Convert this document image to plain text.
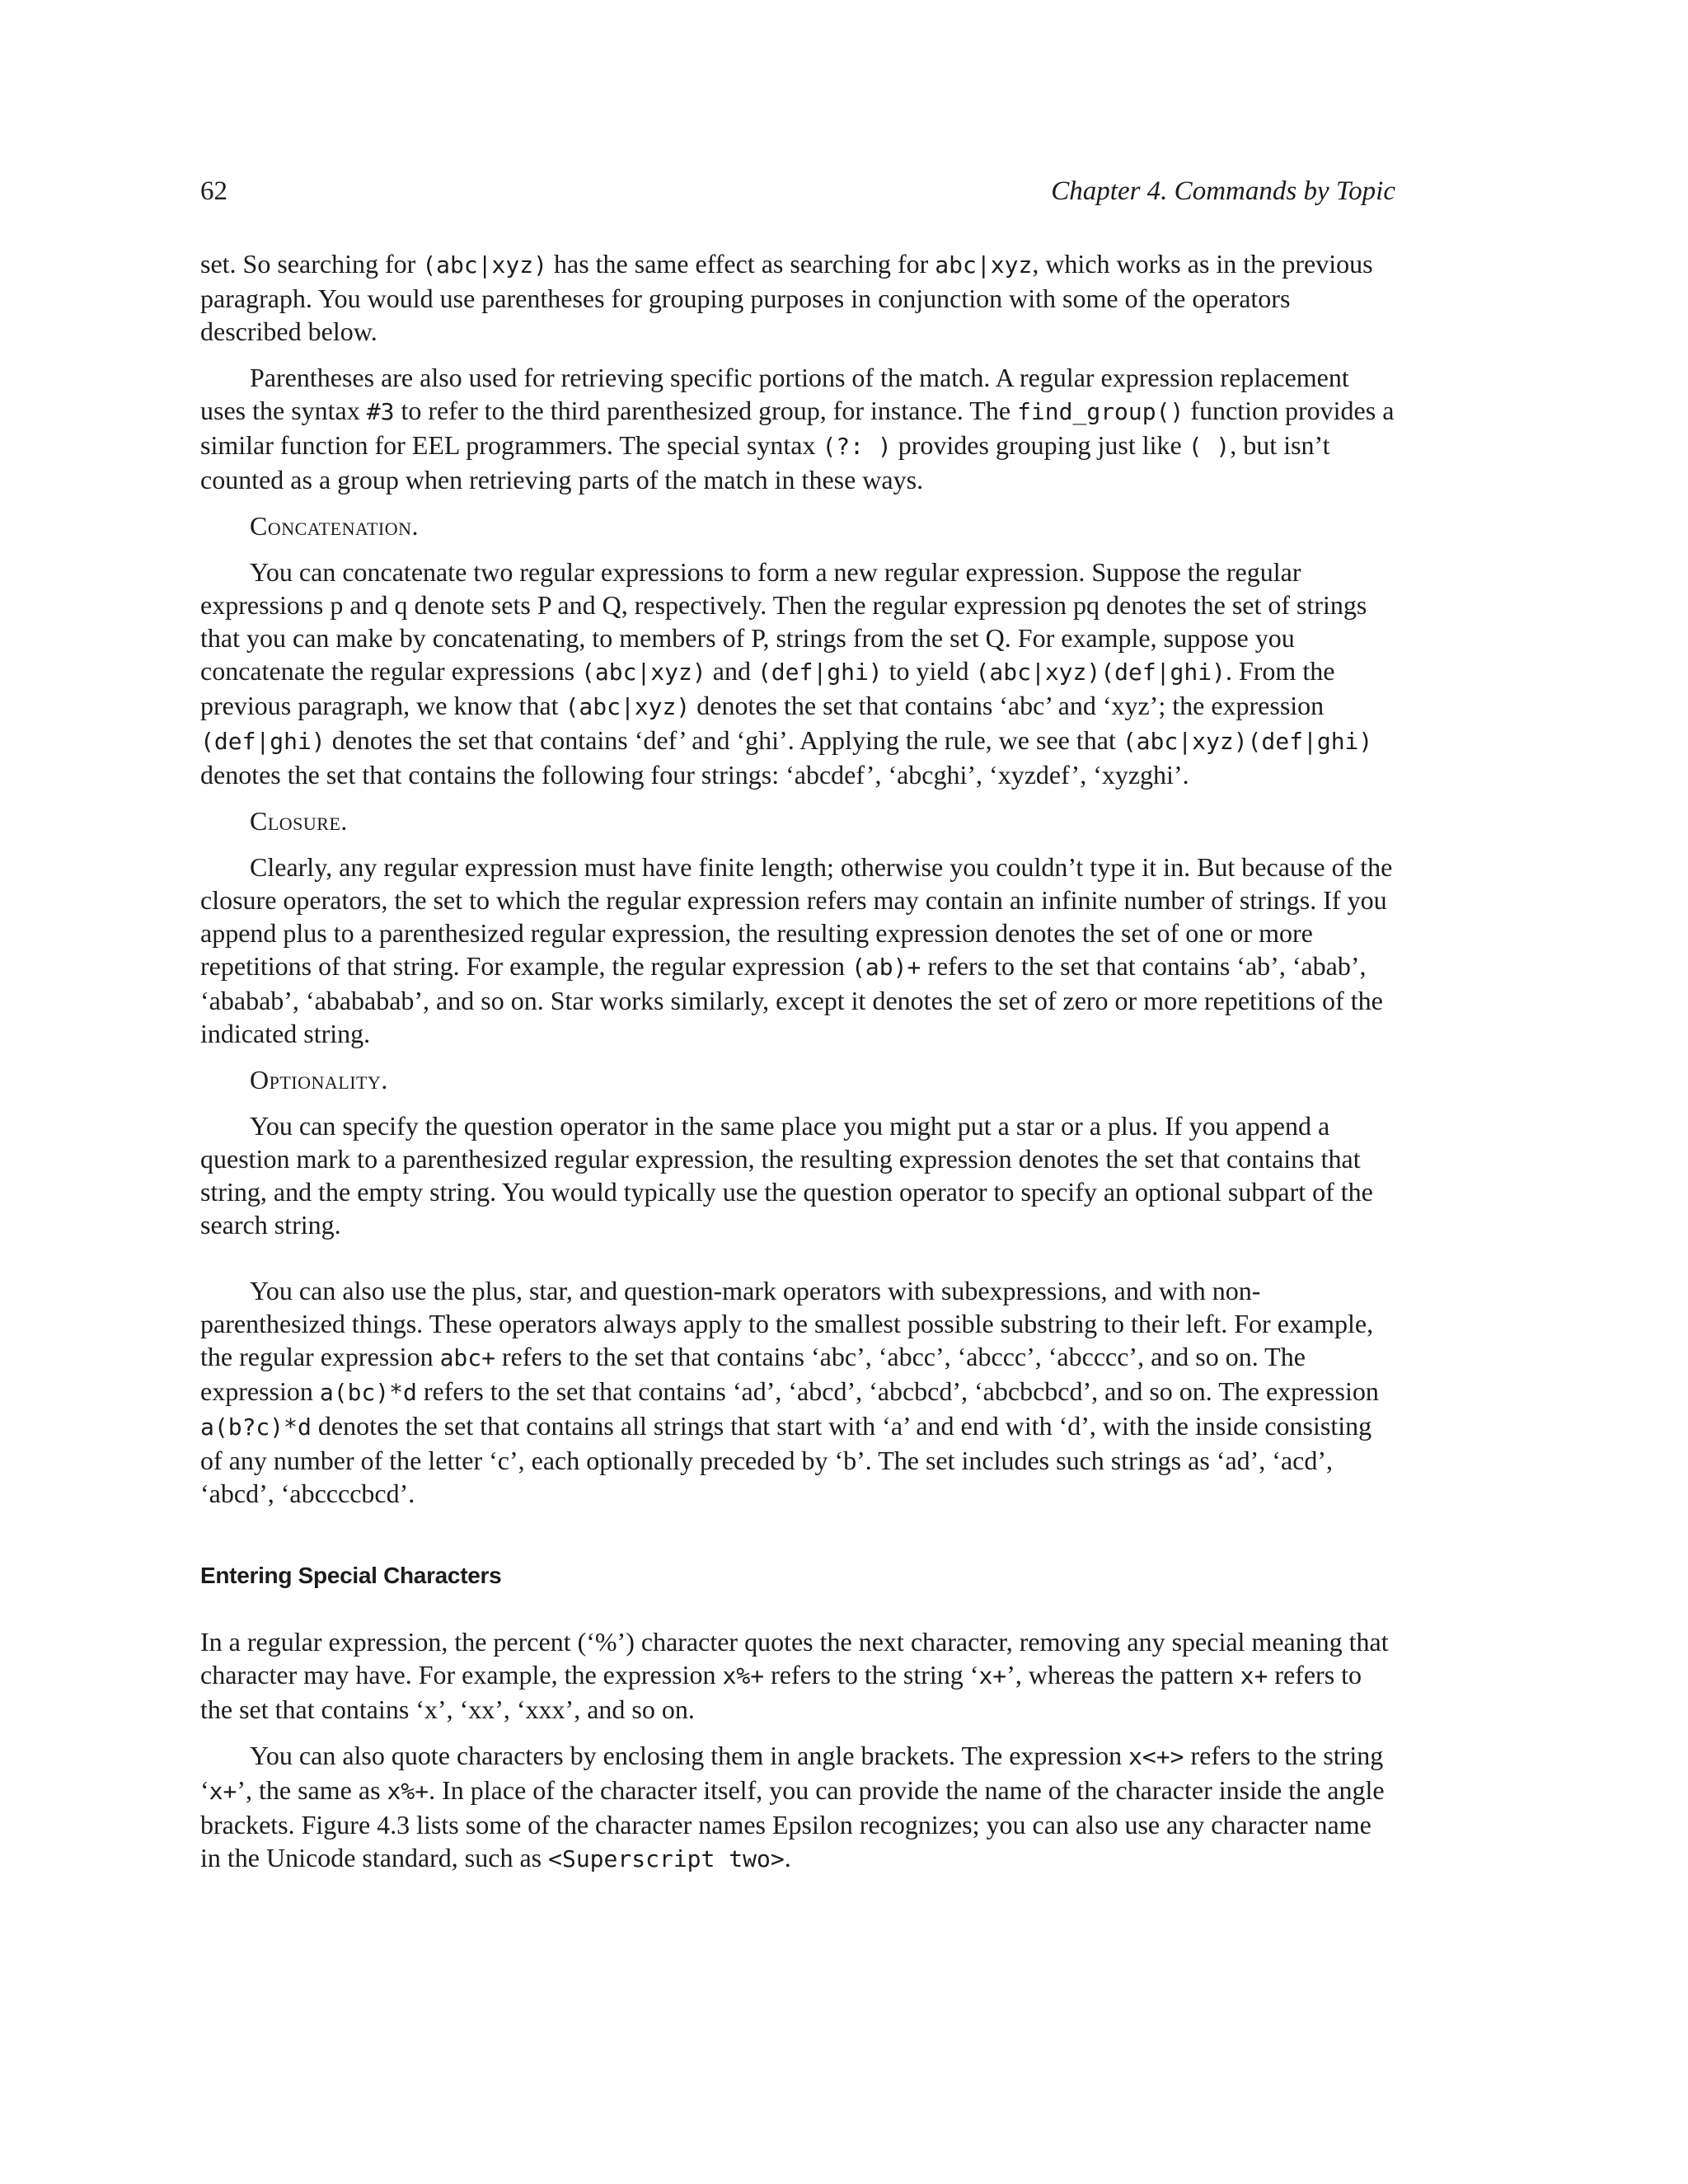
62	Chapter 4. Commands by Topic

set. So searching for (abc|xyz) has the same effect as searching for abc|xyz, which works as in the previous paragraph. You would use parentheses for grouping purposes in conjunction with some of the operators described below.

Parentheses are also used for retrieving specific portions of the match. A regular expression replacement uses the syntax #3 to refer to the third parenthesized group, for instance. The find_group() function provides a similar function for EEL programmers. The special syntax (?: ) provides grouping just like ( ), but isn’t counted as a group when retrieving parts of the match in these ways.

Concatenation.

You can concatenate two regular expressions to form a new regular expression. Suppose the regular expressions p and q denote sets P and Q, respectively. Then the regular expression pq denotes the set of strings that you can make by concatenating, to members of P, strings from the set Q. For example, suppose you concatenate the regular expressions (abc|xyz) and (def|ghi) to yield (abc|xyz)(def|ghi). From the previous paragraph, we know that (abc|xyz) denotes the set that contains ‘abc’ and ‘xyz’; the expression (def|ghi) denotes the set that contains ‘def’ and ‘ghi’. Applying the rule, we see that (abc|xyz)(def|ghi) denotes the set that contains the following four strings: ‘abcdef’, ‘abcghi’, ‘xyzdef’, ‘xyzghi’.

Closure.

Clearly, any regular expression must have finite length; otherwise you couldn’t type it in. But because of the closure operators, the set to which the regular expression refers may contain an infinite number of strings. If you append plus to a parenthesized regular expression, the resulting expression denotes the set of one or more repetitions of that string. For example, the regular expression (ab)+ refers to the set that contains ‘ab’, ‘abab’, ‘ababab’, ‘abababab’, and so on. Star works similarly, except it denotes the set of zero or more repetitions of the indicated string.

Optionality.

You can specify the question operator in the same place you might put a star or a plus. If you append a question mark to a parenthesized regular expression, the resulting expression denotes the set that contains that string, and the empty string. You would typically use the question operator to specify an optional subpart of the search string.

You can also use the plus, star, and question-mark operators with subexpressions, and with non-parenthesized things. These operators always apply to the smallest possible substring to their left. For example, the regular expression abc+ refers to the set that contains ‘abc’, ‘abcc’, ‘abccc’, ‘abcccc’, and so on. The expression a(bc)*d refers to the set that contains ‘ad’, ‘abcd’, ‘abcbcd’, ‘abcbcbcd’, and so on. The expression a(b?c)*d denotes the set that contains all strings that start with ‘a’ and end with ‘d’, with the inside consisting of any number of the letter ‘c’, each optionally preceded by ‘b’. The set includes such strings as ‘ad’, ‘acd’, ‘abcd’, ‘abccccbcd’.

Entering Special Characters

In a regular expression, the percent (‘%’) character quotes the next character, removing any special meaning that character may have. For example, the expression x%+ refers to the string ‘x+’, whereas the pattern x+ refers to the set that contains ‘x’, ‘xx’, ‘xxx’, and so on.

You can also quote characters by enclosing them in angle brackets. The expression x<+> refers to the string ‘x+’, the same as x%+. In place of the character itself, you can provide the name of the character inside the angle brackets. Figure 4.3 lists some of the character names Epsilon recognizes; you can also use any character name in the Unicode standard, such as <Superscript two>.
